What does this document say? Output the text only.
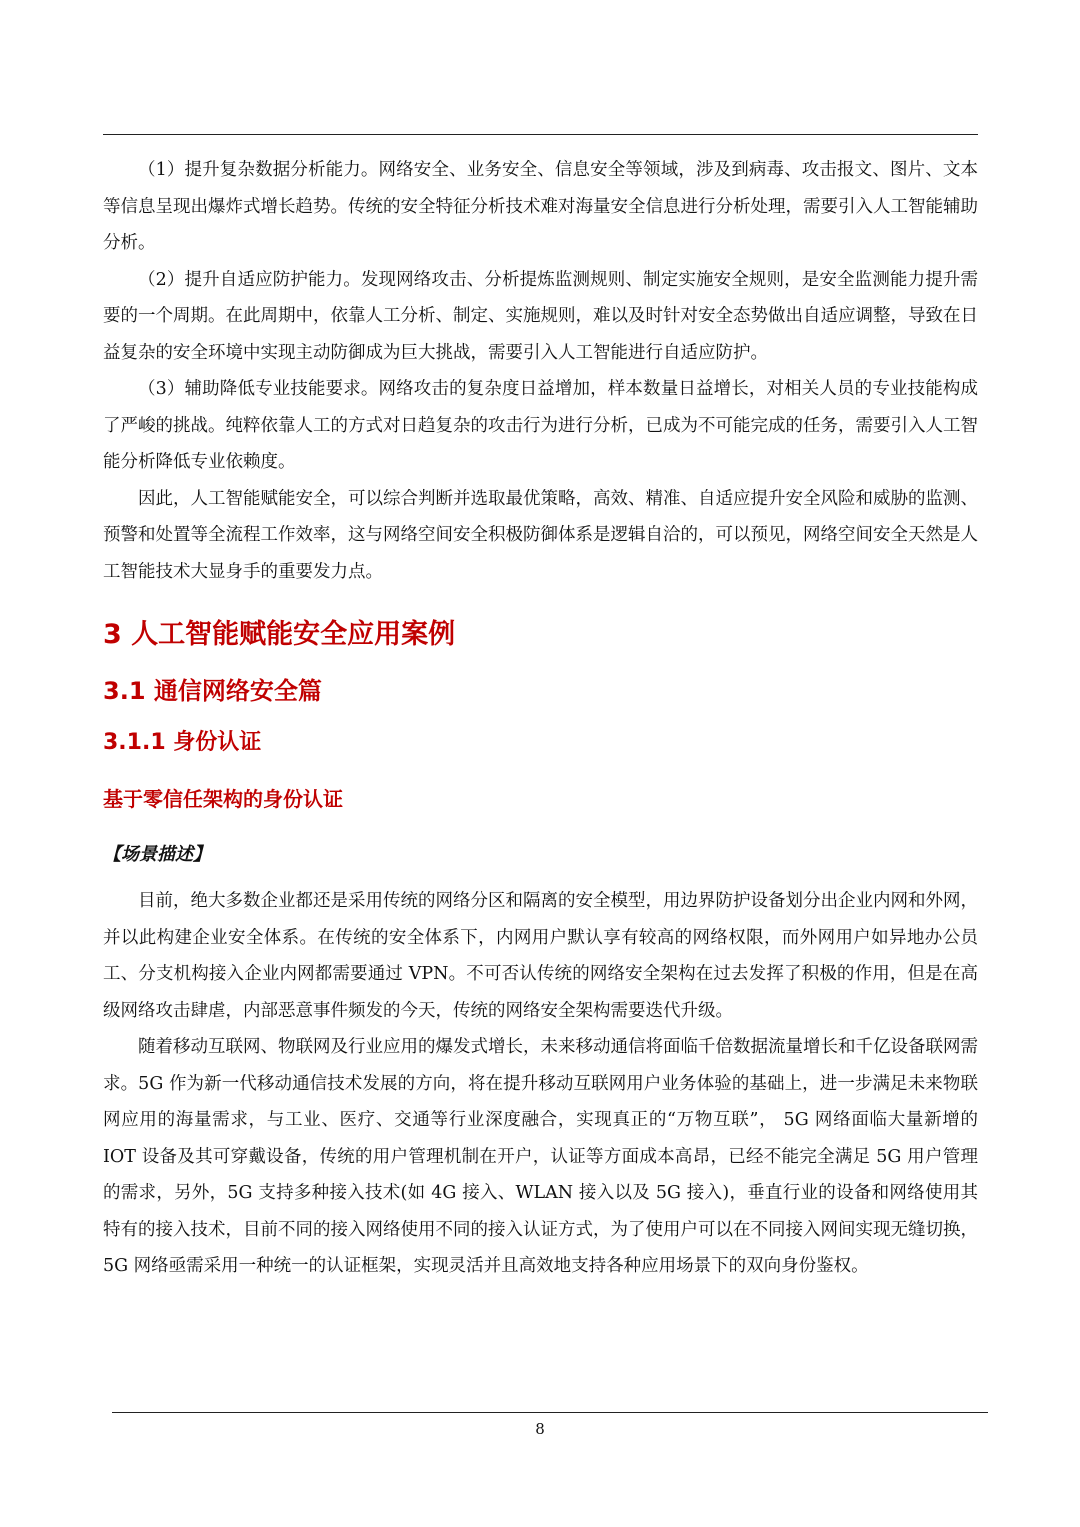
（1）提升复杂数据分析能力。网络安全、业务安全、信息安全等领域，涉及到病毒、攻击报文、图片、文本等信息呈现出爆炸式增长趋势。传统的安全特征分析技术难对海量安全信息进行分析处理，需要引入人工智能辅助分析。

（2）提升自适应防护能力。发现网络攻击、分析提炼监测规则、制定实施安全规则，是安全监测能力提升需要的一个周期。在此周期中，依靠人工分析、制定、实施规则，难以及时针对安全态势做出自适应调整，导致在日益复杂的安全环境中实现主动防御成为巨大挑战，需要引入人工智能进行自适应防护。

（3）辅助降低专业技能要求。网络攻击的复杂度日益增加，样本数量日益增长，对相关人员的专业技能构成了严峻的挑战。纯粹依靠人工的方式对日趋复杂的攻击行为进行分析，已成为不可能完成的任务，需要引入人工智能分析降低专业依赖度。

因此，人工智能赋能安全，可以综合判断并选取最优策略，高效、精准、自适应提升安全风险和威胁的监测、预警和处置等全流程工作效率，这与网络空间安全积极防御体系是逻辑自洽的，可以预见，网络空间安全天然是人工智能技术大显身手的重要发力点。

3 人工智能赋能安全应用案例
3.1 通信网络安全篇
3.1.1 身份认证
基于零信任架构的身份认证

【场景描述】

目前，绝大多数企业都还是采用传统的网络分区和隔离的安全模型，用边界防护设备划分出企业内网和外网，并以此构建企业安全体系。在传统的安全体系下，内网用户默认享有较高的网络权限，而外网用户如异地办公员工、分支机构接入企业内网都需要通过 VPN。不可否认传统的网络安全架构在过去发挥了积极的作用，但是在高级网络攻击肆虐，内部恶意事件频发的今天，传统的网络安全架构需要迭代升级。

随着移动互联网、物联网及行业应用的爆发式增长，未来移动通信将面临千倍数据流量增长和千亿设备联网需求。5G 作为新一代移动通信技术发展的方向，将在提升移动互联网用户业务体验的基础上，进一步满足未来物联网应用的海量需求，与工业、医疗、交通等行业深度融合，实现真正的“万物互联”， 5G 网络面临大量新增的 IOT 设备及其可穿戴设备，传统的用户管理机制在开户，认证等方面成本高昂，已经不能完全满足 5G 用户管理的需求，另外，5G 支持多种接入技术(如 4G 接入、WLAN 接入以及 5G 接入)，垂直行业的设备和网络使用其特有的接入技术，目前不同的接入网络使用不同的接入认证方式，为了使用户可以在不同接入网间实现无缝切换，5G 网络亟需采用一种统一的认证框架，实现灵活并且高效地支持各种应用场景下的双向身份鉴权。

8
